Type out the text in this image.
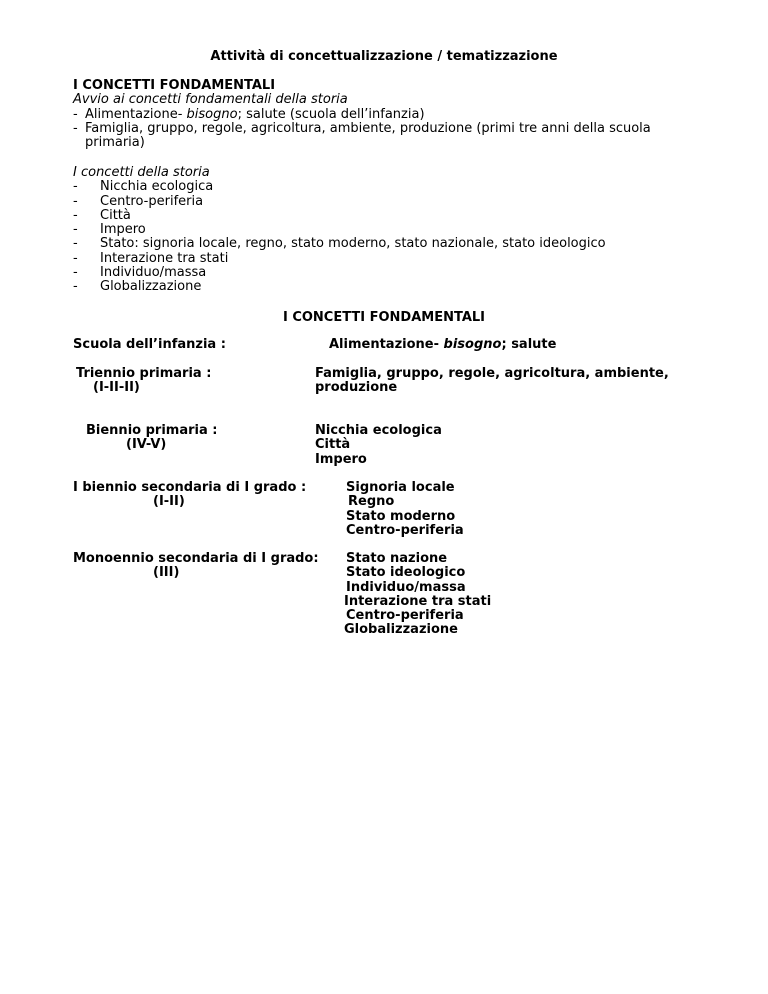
Attività di concettualizzazione / tematizzazione
I CONCETTI FONDAMENTALI
Avvio ai concetti fondamentali della storia
- Alimentazione- bisogno; salute (scuola dell’infanzia)
- Famiglia, gruppo, regole, agricoltura, ambiente, produzione (primi tre anni della scuola primaria)
I concetti della storia
- Nicchia ecologica
- Centro-periferia
- Città
- Impero
- Stato: signoria locale, regno, stato moderno, stato nazionale, stato ideologico
- Interazione tra stati
- Individuo/massa
- Globalizzazione
I CONCETTI FONDAMENTALI
Scuola dell’infanzia :	Alimentazione- bisogno; salute
Triennio primaria :
(I-II-II)
Famiglia, gruppo, regole, agricoltura, ambiente,
produzione
Biennio primaria :
(IV-V)
Nicchia ecologica
Città
Impero
I biennio secondaria di I grado :
(I-II)
Signoria locale
Regno
Stato moderno
Centro-periferia
Monoennio secondaria di I grado:
(III)
Stato nazione
Stato ideologico
Individuo/massa
Interazione tra stati
Centro-periferia
Globalizzazione
